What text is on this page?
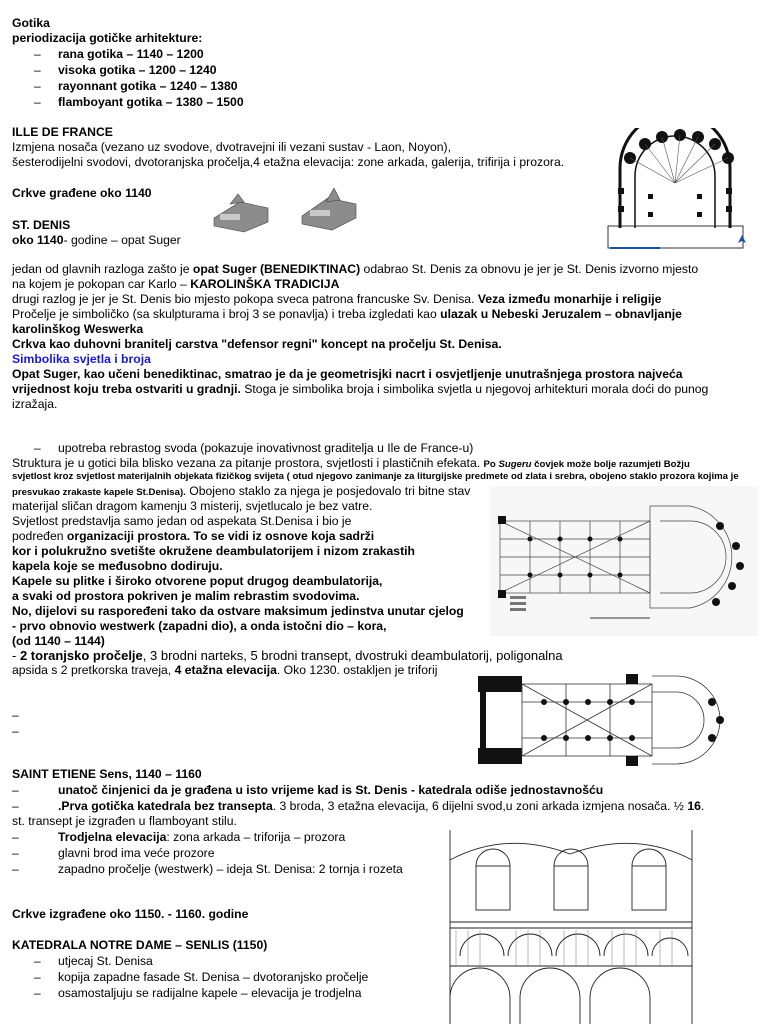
Gotika
periodizacija gotičke arhitekture:
– rana gotika – 1140 – 1200
– visoka gotika – 1200 – 1240
– rayonnant gotika – 1240 – 1380
– flamboyant gotika – 1380 – 1500
ILLE DE FRANCE
Izmjena nosača (vezano uz svodove, dvotravejni ili vezani sustav - Laon, Noyon),
šesterodijelni svodovi, dvotoranjska pročelja,4 etažna elevacija: zone arkada, galerija, trifirija i prozora.
Crkve građene oko 1140
ST. DENIS
oko 1140- godine – opat Suger
jedan od glavnih razloga zašto je opat Suger (BENEDIKTINAC) odabrao St. Denis za obnovu je jer je St. Denis izvorno mjesto
na kojem je pokopan car Karlo – KAROLINŠKA TRADICIJA
drugi razlog je jer je St. Denis bio mjesto pokopa sveca patrona francuske Sv. Denisa. Veza između monarhije i religije
Pročelje je simboličko (sa skulpturama i broj 3 se ponavlja) i treba izgledati kao ulazak u Nebeski Jeruzalem – obnavljanje
karolinškog Weswerka
Crkva kao duhovni branitelj carstva "defensor regni" koncept na pročelju St. Denisa.
Simbolika svjetla i broja
Opat Suger, kao učeni benediktinac, smatrao je da je geometrisjki nacrt i osvjetljenje unutrašnjega prostora najveća
vrijednost koju treba ostvariti u gradnji. Stoga je simbolika broja i simbolika svjetla u njegovoj arhitekturi morala doći do punog
izražaja.
– upotreba rebrastog svoda (pokazuje inovativnost graditelja u Ile de France-u)
Struktura je u gotici bila blisko vezana za pitanje prostora, svjetlosti i plastičnih efekata. Po Sugeru čovjek može bolje razumjeti Božju
svjetlost kroz svjetlost materijalnih objekata fizičkog svijeta ( otud njegovo zanimanje za liturgijske predmete od zlata i srebra, obojeno staklo prozora kojima je
presvukao zrakaste kapele St.Denisa). Obojeno staklo za njega je posjedovalo tri bitne stav
materijal sličan dragom kamenju 3 misterij, svjetlucalo je bez vatre.
Svjetlost predstavlja samo jedan od aspekata St.Denisa i bio je
podređen organizaciji prostora. To se vidi iz osnove koja sadrži
kor i polukružno svetište okružene deambulatorijem i nizom zrakastih
kapela koje se međusobno dodiruju.
Kapele su plitke i široko otvorene poput drugog deambulatorija,
a svaki od prostora pokriven je malim rebrastim svodovima.
No, dijelovi su raspoređeni tako da ostvare maksimum jedinstva unutar cjelog
- prvo obnovio westwerk (zapadni dio), a onda istočni dio – kora,
(od 1140 – 1144)
- 2 toranjsko pročelje, 3 brodni narteks, 5 brodni transept, dvostruki deambulatorij, poligonalna
apsida s 2 pretkorska traveja, 4 etažna elevacija. Oko 1230. ostakljen je triforij
–
–
SAINT ETIENE Sens, 1140 – 1160
–	unatoč činjenici da je građena u isto vrijeme kad is St. Denis - katedrala odiše jednostavnošću
–	.Prva gotička katedrala bez transepta. 3 broda, 3 etažna elevacija, 6 dijelni svod,u zoni arkada izmjena nosača. ½ 16.
st. transept je izgrađen u flamboyant stilu.
–	Trodjelna elevacija: zona arkada – triforija – prozora
–	glavni brod ima veće prozore
–	zapadno pročelje (westwerk) – ideja St. Denisa: 2 tornja i rozeta
Crkve izgrađene oko 1150. - 1160. godine
KATEDRALA NOTRE DAME – SENLIS (1150)
– utjecaj St. Denisa
– kopija zapadne fasade St. Denisa – dvotoranjsko pročelje
– osamostaljuju se radijalne kapele – elevacija je trodjelna
